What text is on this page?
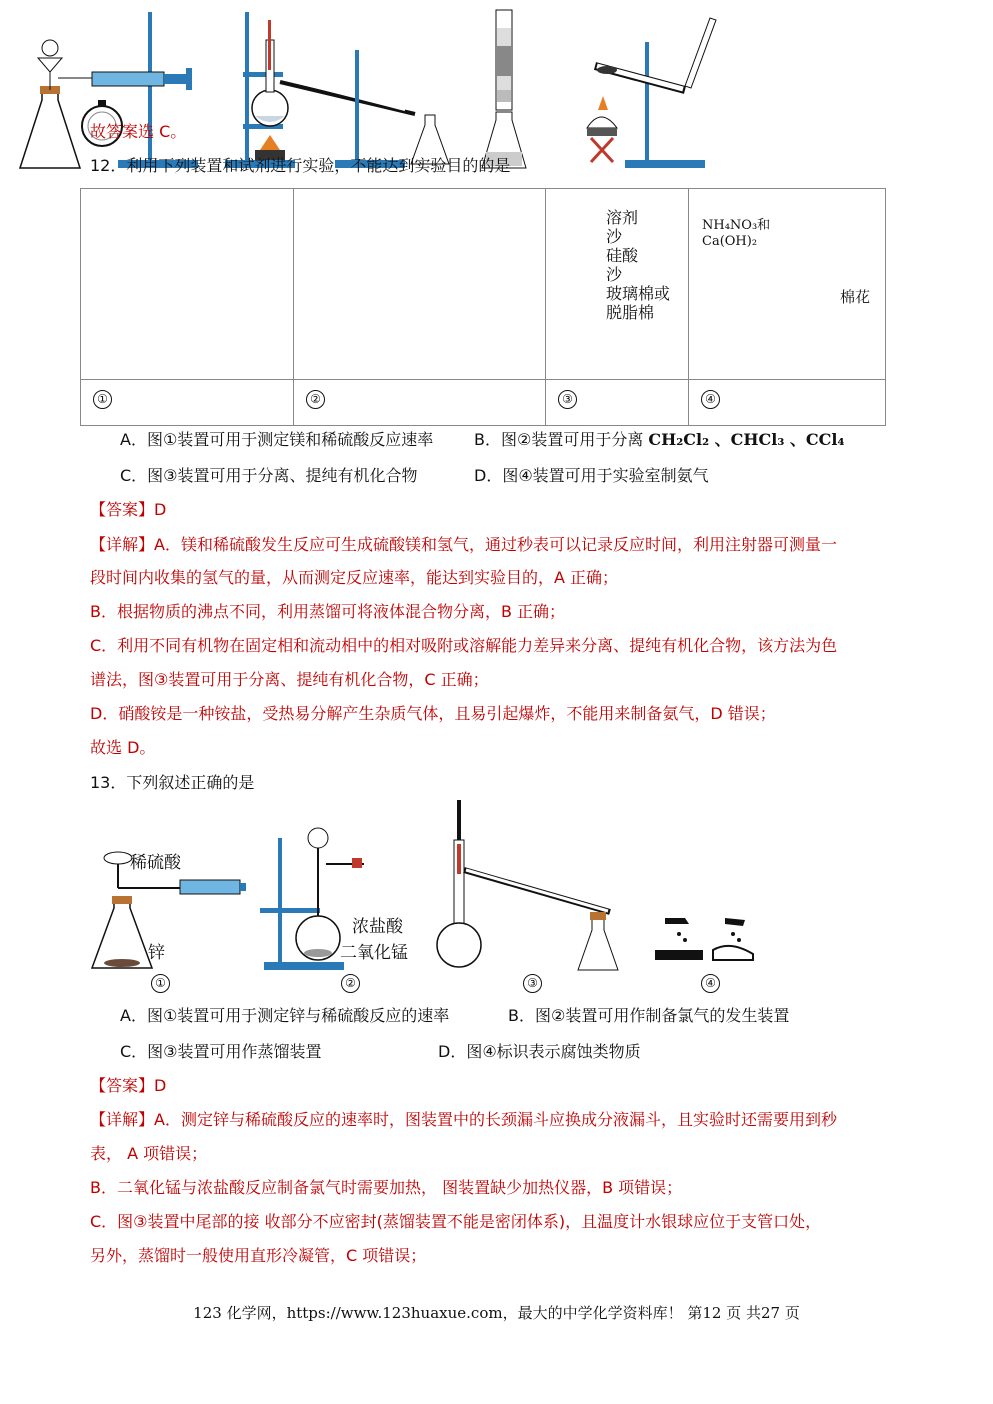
故答案选 C。
12．利用下列装置和试剂进行实验，不能达到实验目的的是
①	②	③	④

溶剂
沙
硅酸
沙
玻璃棉或
脱脂棉
NH₄NO₃和
Ca(OH)₂
棉花
A．图①装置可用于测定镁和稀硫酸反应速率	B．图②装置可用于分离 CH₂Cl₂ 、CHCl₃ 、CCl₄
C．图③装置可用于分离、提纯有机化合物	D．图④装置可用于实验室制氨气
【答案】D
【详解】A．镁和稀硫酸发生反应可生成硫酸镁和氢气，通过秒表可以记录反应时间，利用注射器可测量一
段时间内收集的氢气的量，从而测定反应速率，能达到实验目的，A 正确；
B．根据物质的沸点不同，利用蒸馏可将液体混合物分离，B 正确；
C．利用不同有机物在固定相和流动相中的相对吸附或溶解能力差异来分离、提纯有机化合物，该方法为色
谱法，图③装置可用于分离、提纯有机化合物，C 正确；
D．硝酸铵是一种铵盐，受热易分解产生杂质气体，且易引起爆炸，不能用来制备氨气，D 错误；
故选 D。
13．下列叙述正确的是
稀硫酸
锌
①
浓盐酸
二氧化锰
②	③	④
A．图①装置可用于测定锌与稀硫酸反应的速率	B．图②装置可用作制备氯气的发生装置
C．图③装置可用作蒸馏装置	D．图④标识表示腐蚀类物质
【答案】D
【详解】A．测定锌与稀硫酸反应的速率时，图装置中的长颈漏斗应换成分液漏斗，且实验时还需要用到秒
表， A 项错误；
B．二氧化锰与浓盐酸反应制备氯气时需要加热， 图装置缺少加热仪器，B 项错误；
C．图③装置中尾部的接 收部分不应密封(蒸馏装置不能是密闭体系)，且温度计水银球应位于支管口处，
另外，蒸馏时一般使用直形冷凝管，C 项错误；
123 化学网，https://www.123huaxue.com，最大的中学化学资料库！ 第12 页 共27 页
